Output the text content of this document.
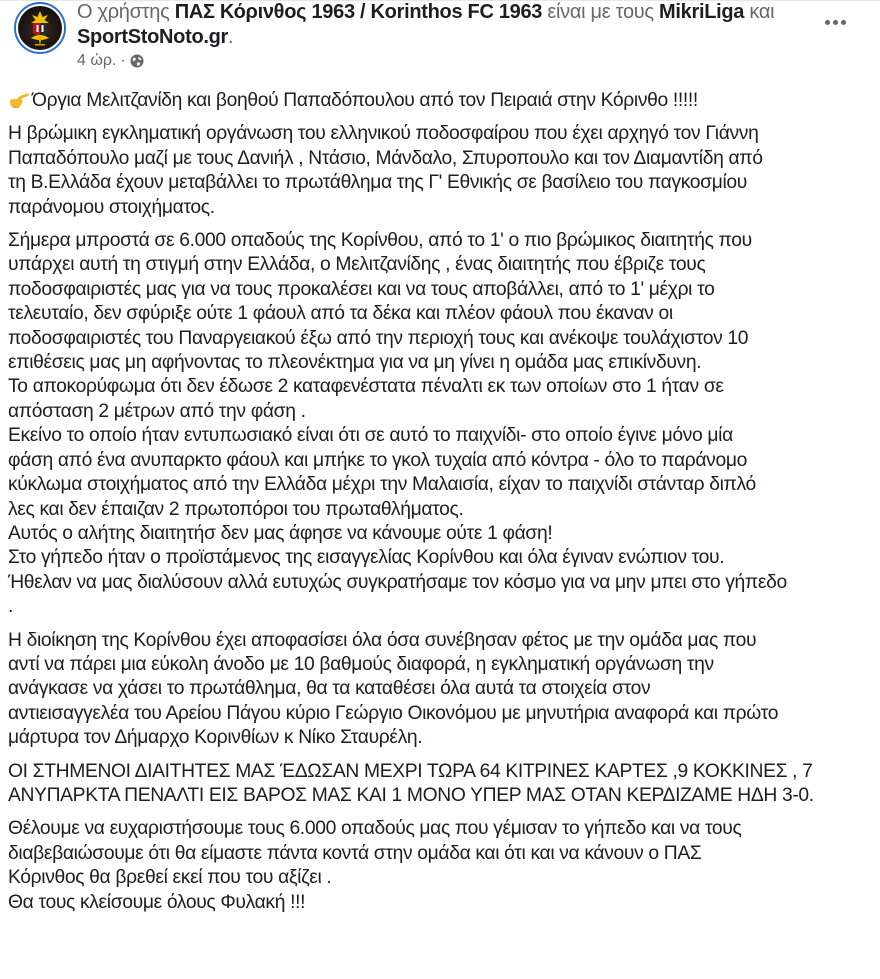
Ο χρήστης ΠΑΣ Κόρινθος 1963 / Korinthos FC 1963 είναι με τους MikriLiga και SportStoNoto.gr.
4 ώρ. ·

Όργια Μελιτζανίδη και βοηθού Παπαδόπουλου από τον Πειραιά στην Κόρινθο !!!!!

Η βρώμικη εγκληματική οργάνωση του ελληνικού ποδοσφαίρου που έχει αρχηγό τον Γιάννη
Παπαδόπουλο μαζί με τους Δανιήλ , Ντάσιο, Μάνδαλο, Σπυροπουλο και τον Διαμαντίδη από
τη Β.Ελλάδα έχουν μεταβάλλει το πρωτάθλημα της Γ' Εθνικής σε βασίλειο του παγκοσμίου
παράνομου στοιχήματος.

Σήμερα μπροστά σε 6.000 οπαδούς της Κορίνθου, από το 1' ο πιο βρώμικος διαιτητής που
υπάρχει αυτή τη στιγμή στην Ελλάδα, ο Μελιτζανίδης , ένας διαιτητής που έβριζε τους
ποδοσφαιριστές μας για να τους προκαλέσει και να τους αποβάλλει, από το 1' μέχρι το
τελευταίο, δεν σφύριξε ούτε 1 φάουλ από τα δέκα και πλέον φάουλ που έκαναν οι
ποδοσφαιριστές του Παναργειακού έξω από την περιοχή τους και ανέκοψε τουλάχιστον 10
επιθέσεις μας μη αφήνοντας το πλεονέκτημα για να μη γίνει η ομάδα μας επικίνδυνη.
Το αποκορύφωμα ότι δεν έδωσε 2 καταφενέστατα πέναλτι εκ των οποίων στο 1 ήταν σε
απόσταση 2 μέτρων από την φάση .
Εκείνο το οποίο ήταν εντυπωσιακό είναι ότι σε αυτό το παιχνίδι- στο οποίο έγινε μόνο μία
φάση από ένα ανυπαρκτο φάουλ και μπήκε το γκολ τυχαία από κόντρα - όλο το παράνομο
κύκλωμα στοιχήματος από την Ελλάδα μέχρι την Μαλαισία, είχαν το παιχνίδι στάνταρ διπλό
λες και δεν έπαιζαν 2 πρωτοπόροι του πρωταθλήματος.
Αυτός ο αλήτης διαιτητήσ δεν μας άφησε να κάνουμε ούτε 1 φάση!
Στο γήπεδο ήταν ο προϊστάμενος της εισαγγελίας Κορίνθου και όλα έγιναν ενώπιον του.
Ήθελαν να μας διαλύσουν αλλά ευτυχώς συγκρατήσαμε τον κόσμο για να μην μπει στο γήπεδο
.

Η διοίκηση της Κορίνθου έχει αποφασίσει όλα όσα συνέβησαν φέτος με την ομάδα μας που
αντί να πάρει μια εύκολη άνοδο με 10 βαθμούς διαφορά, η εγκληματική οργάνωση την
ανάγκασε να χάσει το πρωτάθλημα, θα τα καταθέσει όλα αυτά τα στοιχεία στον
αντιεισαγγελέα του Αρείου Πάγου κύριο Γεώργιο Οικονόμου με μηνυτήρια αναφορά και πρώτο
μάρτυρα τον Δήμαρχο Κορινθίων κ Νίκο Σταυρέλη.

ΟΙ ΣΤΗΜΕΝΟΙ ΔΙΑΙΤΗΤΕΣ ΜΑΣ ΈΔΩΣΑΝ ΜΕΧΡΙ ΤΩΡΑ 64 ΚΙΤΡΙΝΕΣ ΚΑΡΤΕΣ ,9 ΚΟΚΚΙΝΕΣ , 7
ΑΝΥΠΑΡΚΤΑ ΠΕΝΑΛΤΙ ΕΙΣ ΒΑΡΟΣ ΜΑΣ ΚΑΙ 1 ΜΟΝΟ ΥΠΕΡ ΜΑΣ ΟΤΑΝ ΚΕΡΔΙΖΑΜΕ ΗΔΗ 3-0.

Θέλουμε να ευχαριστήσουμε τους 6.000 οπαδούς μας που γέμισαν το γήπεδο και να τους
διαβεβαιώσουμε ότι θα είμαστε πάντα κοντά στην ομάδα και ότι και να κάνουν ο ΠΑΣ
Κόρινθος θα βρεθεί εκεί που του αξίζει .
Θα τους κλείσουμε όλους Φυλακή !!!
